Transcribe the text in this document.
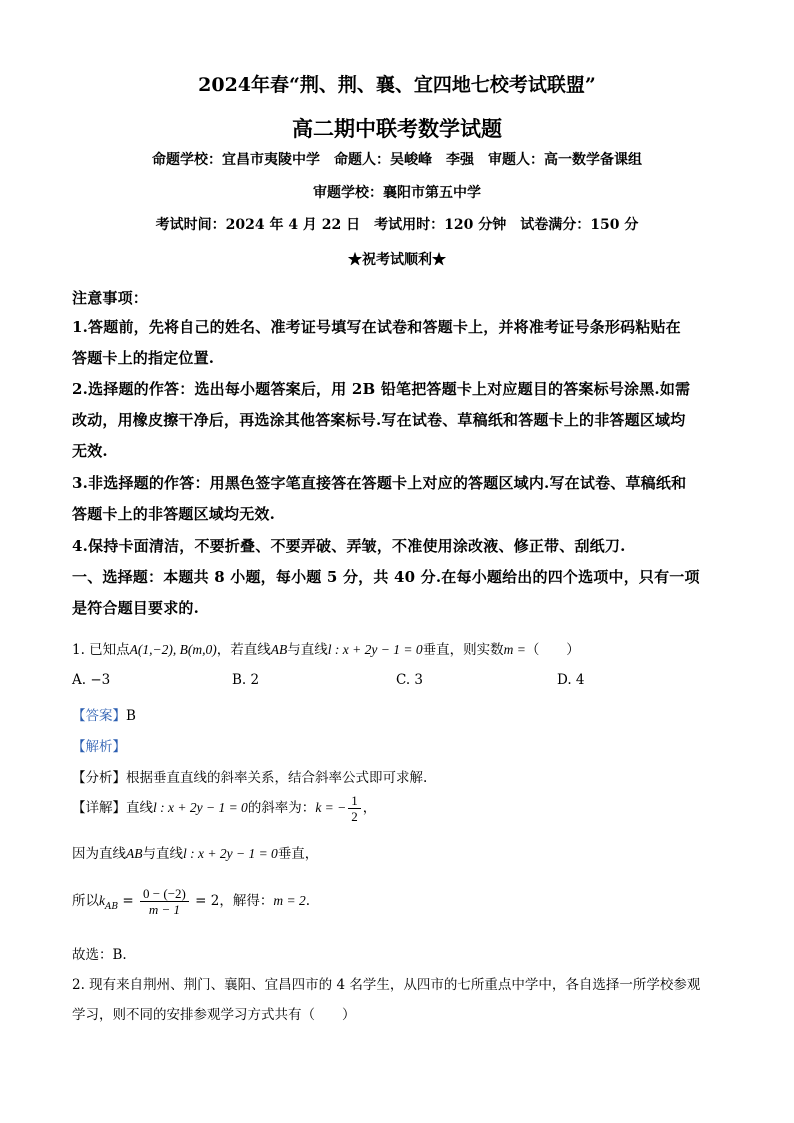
2024年春“荆、荆、襄、宜四地七校考试联盟”
高二期中联考数学试题
命题学校：宜昌市夷陵中学　命题人：吴峻峰　李强　审题人：高一数学备课组
审题学校：襄阳市第五中学
考试时间：2024 年 4 月 22 日　考试用时：120 分钟　试卷满分：150 分
★祝考试顺利★
注意事项：
1.答题前，先将自己的姓名、准考证号填写在试卷和答题卡上，并将准考证号条形码粘贴在
答题卡上的指定位置.
2.选择题的作答：选出每小题答案后，用 2B 铅笔把答题卡上对应题目的答案标号涂黑.如需
改动，用橡皮擦干净后，再选涂其他答案标号.写在试卷、草稿纸和答题卡上的非答题区域均
无效.
3.非选择题的作答：用黑色签字笔直接答在答题卡上对应的答题区域内.写在试卷、草稿纸和
答题卡上的非答题区域均无效.
4.保持卡面清洁，不要折叠、不要弄破、弄皱，不准使用涂改液、修正带、刮纸刀.
一、选择题：本题共 8 小题，每小题 5 分，共 40 分.在每小题给出的四个选项中，只有一项
是符合题目要求的.
1. 已知点A(1,−2), B(m,0)，若直线AB与直线l : x + 2y − 1 = 0垂直，则实数m =（　　）
A. −3	B. 2	C. 3	D. 4
【答案】B
【解析】
【分析】根据垂直直线的斜率关系，结合斜率公式即可求解.
【详解】直线l : x + 2y − 1 = 0的斜率为：k = − $\frac{1}{2}$ ，
因为直线AB与直线l : x + 2y − 1 = 0垂直，
所以$k_{AB} = \frac{0 - (-2)}{m - 1} = 2$，解得：m = 2.
故选：B.
2. 现有来自荆州、荆门、襄阳、宜昌四市的 4 名学生，从四市的七所重点中学中，各自选择一所学校参观
学习，则不同的安排参观学习方式共有（　　）
